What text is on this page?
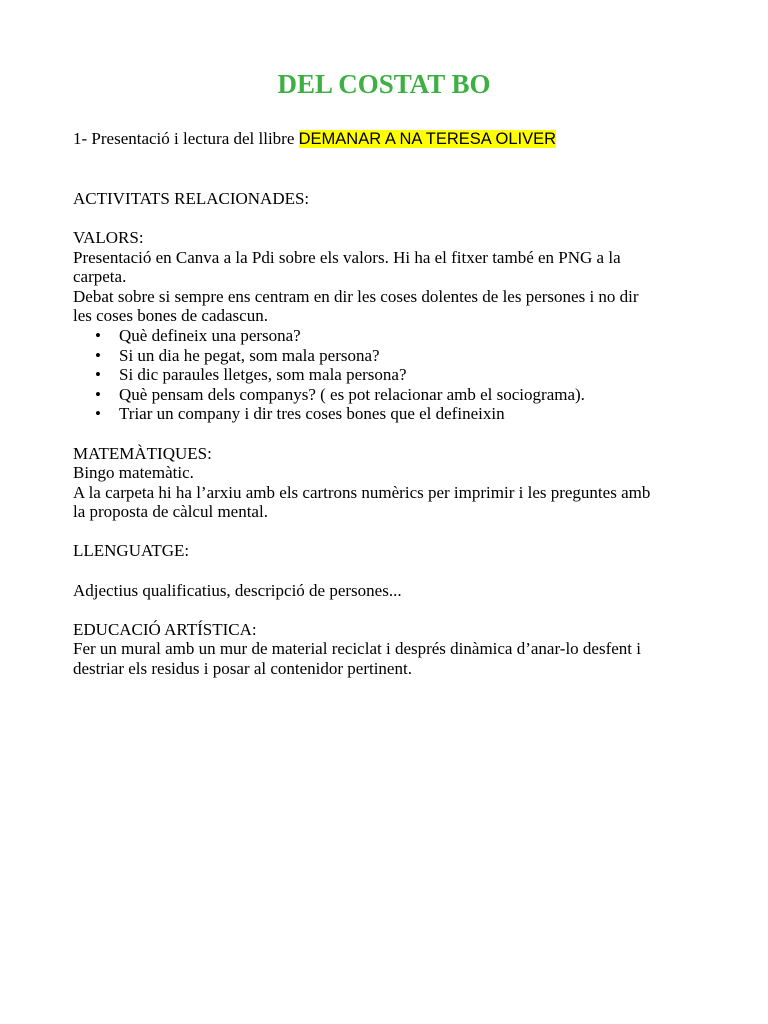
DEL COSTAT BO

1- Presentació i lectura del llibre DEMANAR A NA TERESA OLIVER

ACTIVITATS RELACIONADES:

VALORS:

Presentació en Canva a la Pdi sobre els valors. Hi ha el fitxer també en PNG a la

carpeta.

Debat sobre si sempre ens centram en dir les coses dolentes de les persones i no dir

les coses bones de cadascun.

• Què defineix una persona?
• Si un dia he pegat, som mala persona?
• Si dic paraules lletges, som mala persona?
• Què pensam dels companys? ( es pot relacionar amb el sociograma).
• Triar un company i dir tres coses bones que el defineixin

MATEMÀTIQUES:

Bingo matemàtic.

A la carpeta hi ha l’arxiu amb els cartrons numèrics per imprimir i les preguntes amb

la proposta de càlcul mental.

LLENGUATGE:

Adjectius qualificatius, descripció de persones...

EDUCACIÓ ARTÍSTICA:

Fer un mural amb un mur de material reciclat i després dinàmica d’anar-lo desfent i

destriar els residus i posar al contenidor pertinent.
